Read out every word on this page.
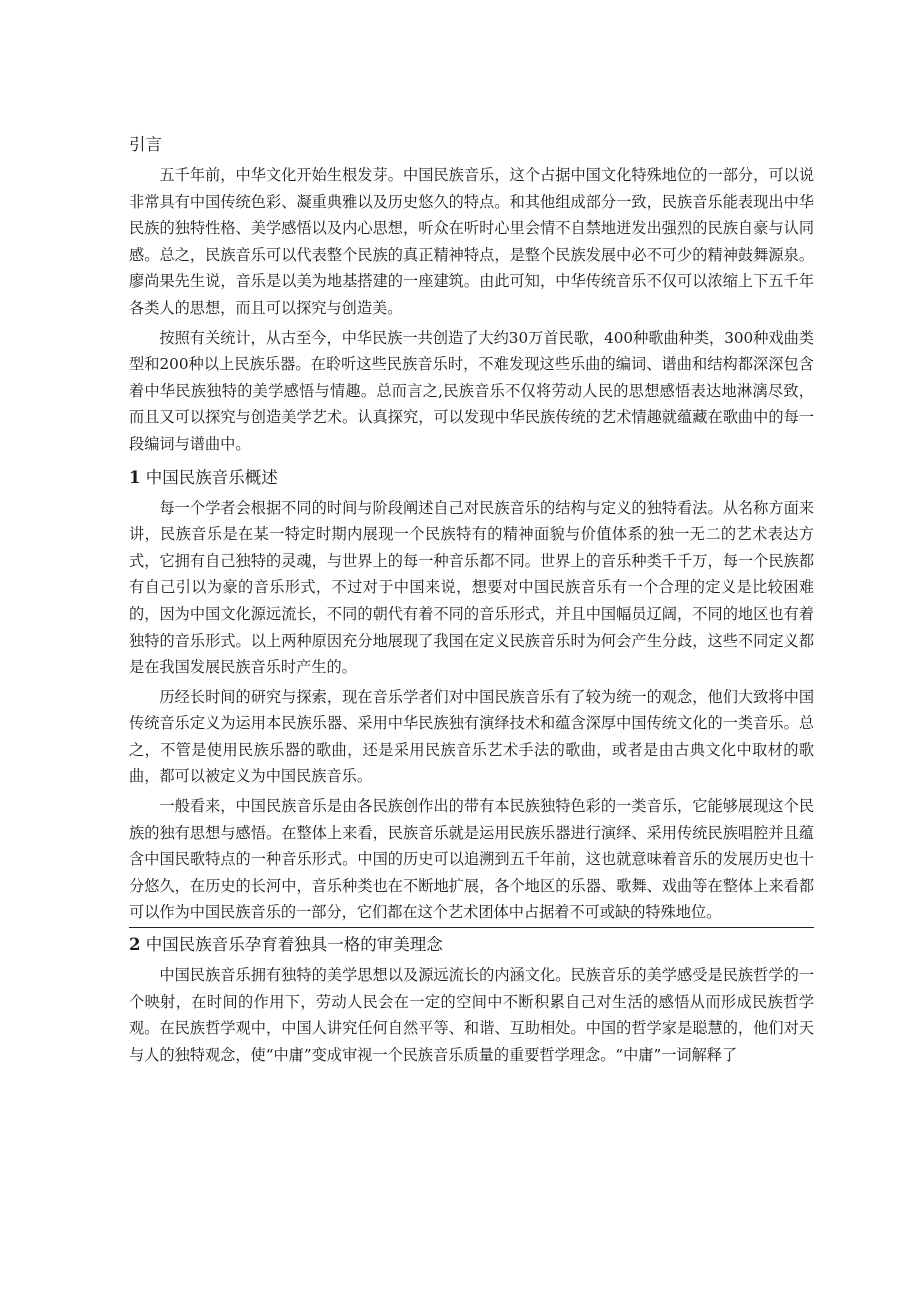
引言

五千年前，中华文化开始生根发芽。中国民族音乐，这个占据中国文化特殊地位的一部分，可以说非常具有中国传统色彩、凝重典雅以及历史悠久的特点。和其他组成部分一致，民族音乐能表现出中华民族的独特性格、美学感悟以及内心思想，听众在听时心里会情不自禁地迸发出强烈的民族自豪与认同感。总之，民族音乐可以代表整个民族的真正精神特点，是整个民族发展中必不可少的精神鼓舞源泉。廖尚果先生说，音乐是以美为地基搭建的一座建筑。由此可知，中华传统音乐不仅可以浓缩上下五千年各类人的思想，而且可以探究与创造美。

按照有关统计，从古至今，中华民族一共创造了大约30万首民歌，400种歌曲种类，300种戏曲类型和200种以上民族乐器。在聆听这些民族音乐时，不难发现这些乐曲的编词、谱曲和结构都深深包含着中华民族独特的美学感悟与情趣。总而言之,民族音乐不仅将劳动人民的思想感悟表达地淋漓尽致，而且又可以探究与创造美学艺术。认真探究，可以发现中华民族传统的艺术情趣就蕴藏在歌曲中的每一段编词与谱曲中。

1 中国民族音乐概述

每一个学者会根据不同的时间与阶段阐述自己对民族音乐的结构与定义的独特看法。从名称方面来讲，民族音乐是在某一特定时期内展现一个民族特有的精神面貌与价值体系的独一无二的艺术表达方式，它拥有自己独特的灵魂，与世界上的每一种音乐都不同。世界上的音乐种类千千万，每一个民族都有自己引以为豪的音乐形式，不过对于中国来说，想要对中国民族音乐有一个合理的定义是比较困难的，因为中国文化源远流长，不同的朝代有着不同的音乐形式，并且中国幅员辽阔，不同的地区也有着独特的音乐形式。以上两种原因充分地展现了我国在定义民族音乐时为何会产生分歧，这些不同定义都是在我国发展民族音乐时产生的。

历经长时间的研究与探索，现在音乐学者们对中国民族音乐有了较为统一的观念，他们大致将中国传统音乐定义为运用本民族乐器、采用中华民族独有演绎技术和蕴含深厚中国传统文化的一类音乐。总之，不管是使用民族乐器的歌曲，还是采用民族音乐艺术手法的歌曲，或者是由古典文化中取材的歌曲，都可以被定义为中国民族音乐。

一般看来，中国民族音乐是由各民族创作出的带有本民族独特色彩的一类音乐，它能够展现这个民族的独有思想与感悟。在整体上来看，民族音乐就是运用民族乐器进行演绎、采用传统民族唱腔并且蕴含中国民歌特点的一种音乐形式。中国的历史可以追溯到五千年前，这也就意味着音乐的发展历史也十分悠久，在历史的长河中，音乐种类也在不断地扩展，各个地区的乐器、歌舞、戏曲等在整体上来看都可以作为中国民族音乐的一部分，它们都在这个艺术团体中占据着不可或缺的特殊地位。

2 中国民族音乐孕育着独具一格的审美理念

中国民族音乐拥有独特的美学思想以及源远流长的内涵文化。民族音乐的美学感受是民族哲学的一个映射，在时间的作用下，劳动人民会在一定的空间中不断积累自己对生活的感悟从而形成民族哲学观。在民族哲学观中，中国人讲究任何自然平等、和谐、互助相处。中国的哲学家是聪慧的，他们对天与人的独特观念，使“中庸”变成审视一个民族音乐质量的重要哲学理念。“中庸”一词解释了
